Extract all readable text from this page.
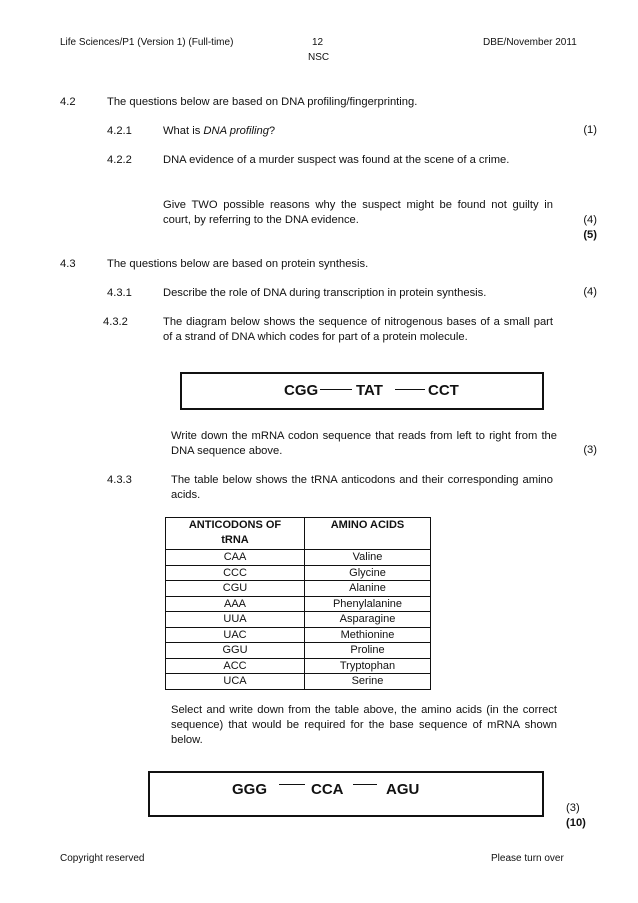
Life Sciences/P1 (Version 1) (Full-time)	12
NSC
DBE/November 2011
4.2	The questions below are based on DNA profiling/fingerprinting.
4.2.1	What is DNA profiling?	(1)
4.2.2	DNA evidence of a murder suspect was found at the scene of a crime.
Give TWO possible reasons why the suspect might be found not guilty in court, by referring to the DNA evidence.	(4)
(5)
4.3	The questions below are based on protein synthesis.
4.3.1	Describe the role of DNA during transcription in protein synthesis.	(4)
4.3.2	The diagram below shows the sequence of nitrogenous bases of a small part of a strand of DNA which codes for part of a protein molecule.
CGG	TAT	CCT
Write down the mRNA codon sequence that reads from left to right from the DNA sequence above.	(3)
4.3.3	The table below shows the tRNA anticodons and their corresponding amino acids.
ANTICODONS OF tRNA	AMINO ACIDS
CAA	Valine
CCC	Glycine
CGU	Alanine
AAA	Phenylalanine
UUA	Asparagine
UAC	Methionine
GGU	Proline
ACC	Tryptophan
UCA	Serine
Select and write down from the table above, the amino acids (in the correct sequence) that would be required for the base sequence of mRNA shown below.
GGG	CCA	AGU
(3)
(10)
Copyright reserved	Please turn over
